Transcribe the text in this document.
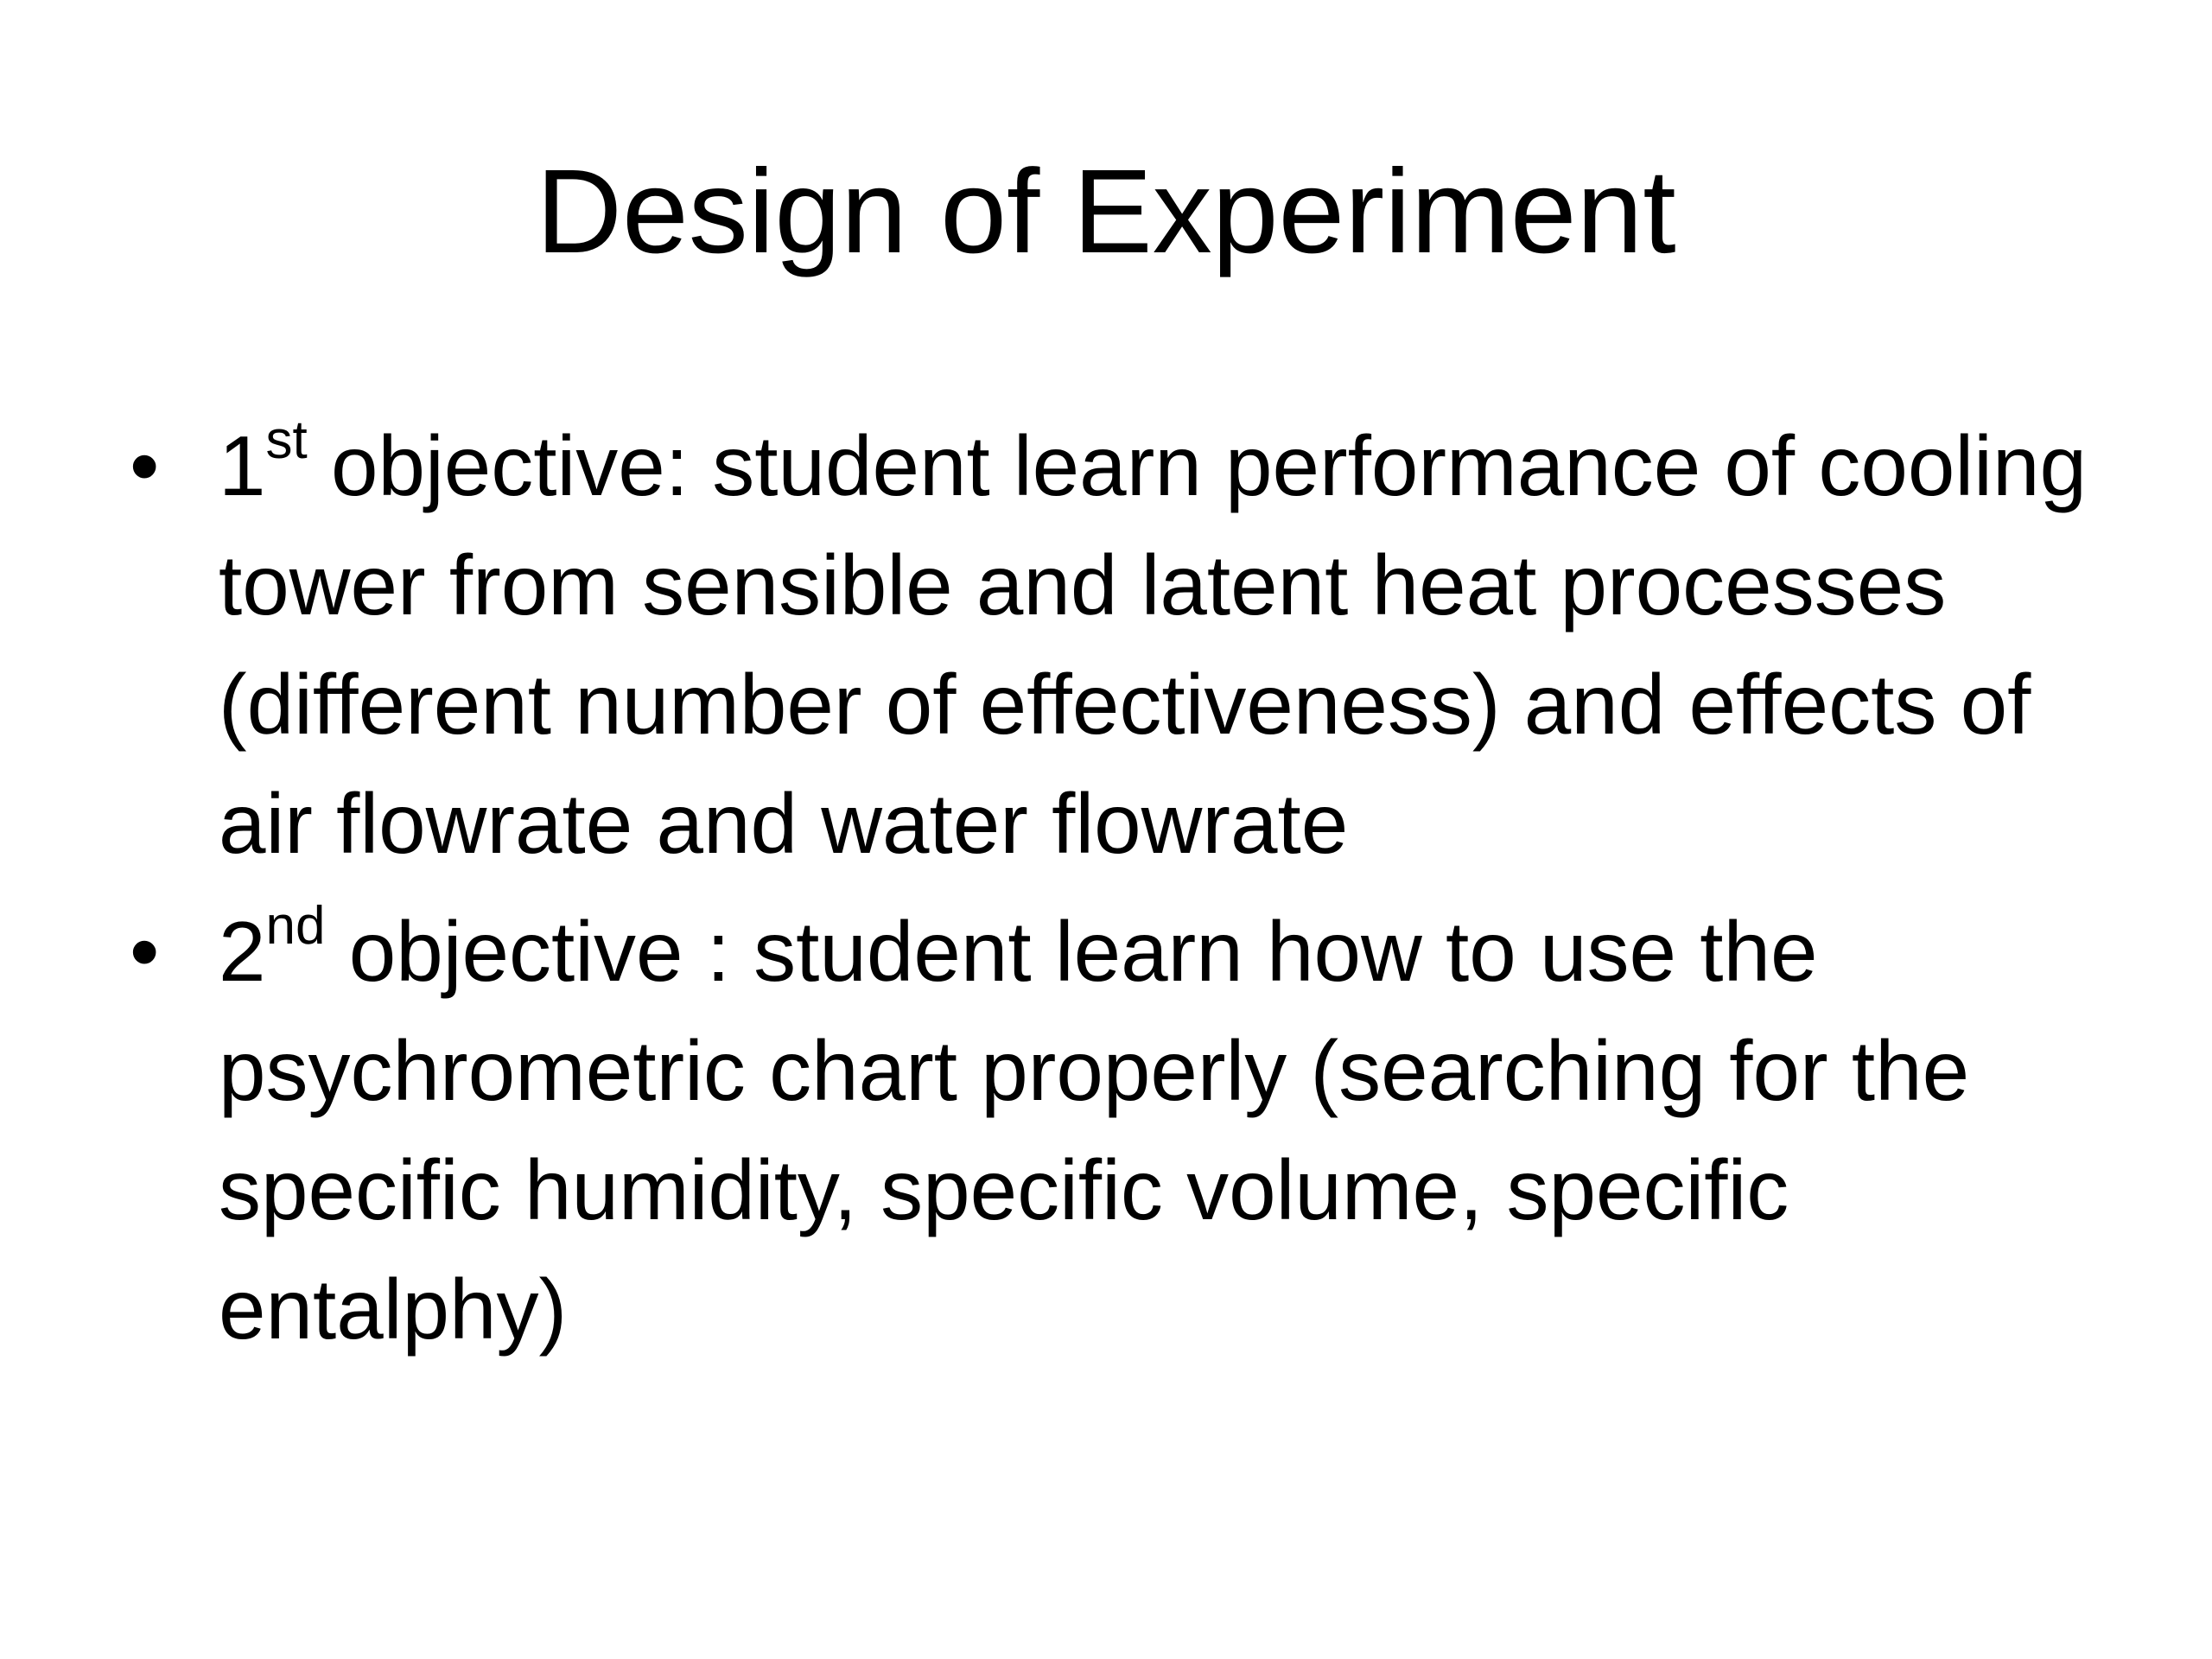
Design of Experiment
• 1st objective: student learn performance of cooling tower from sensible and latent heat processes (different number of effectiveness) and effects of air flowrate and water flowrate
• 2nd objective : student learn how to use the psychrometric chart properly (searching for the specific humidity, specific volume, specific entalphy)
